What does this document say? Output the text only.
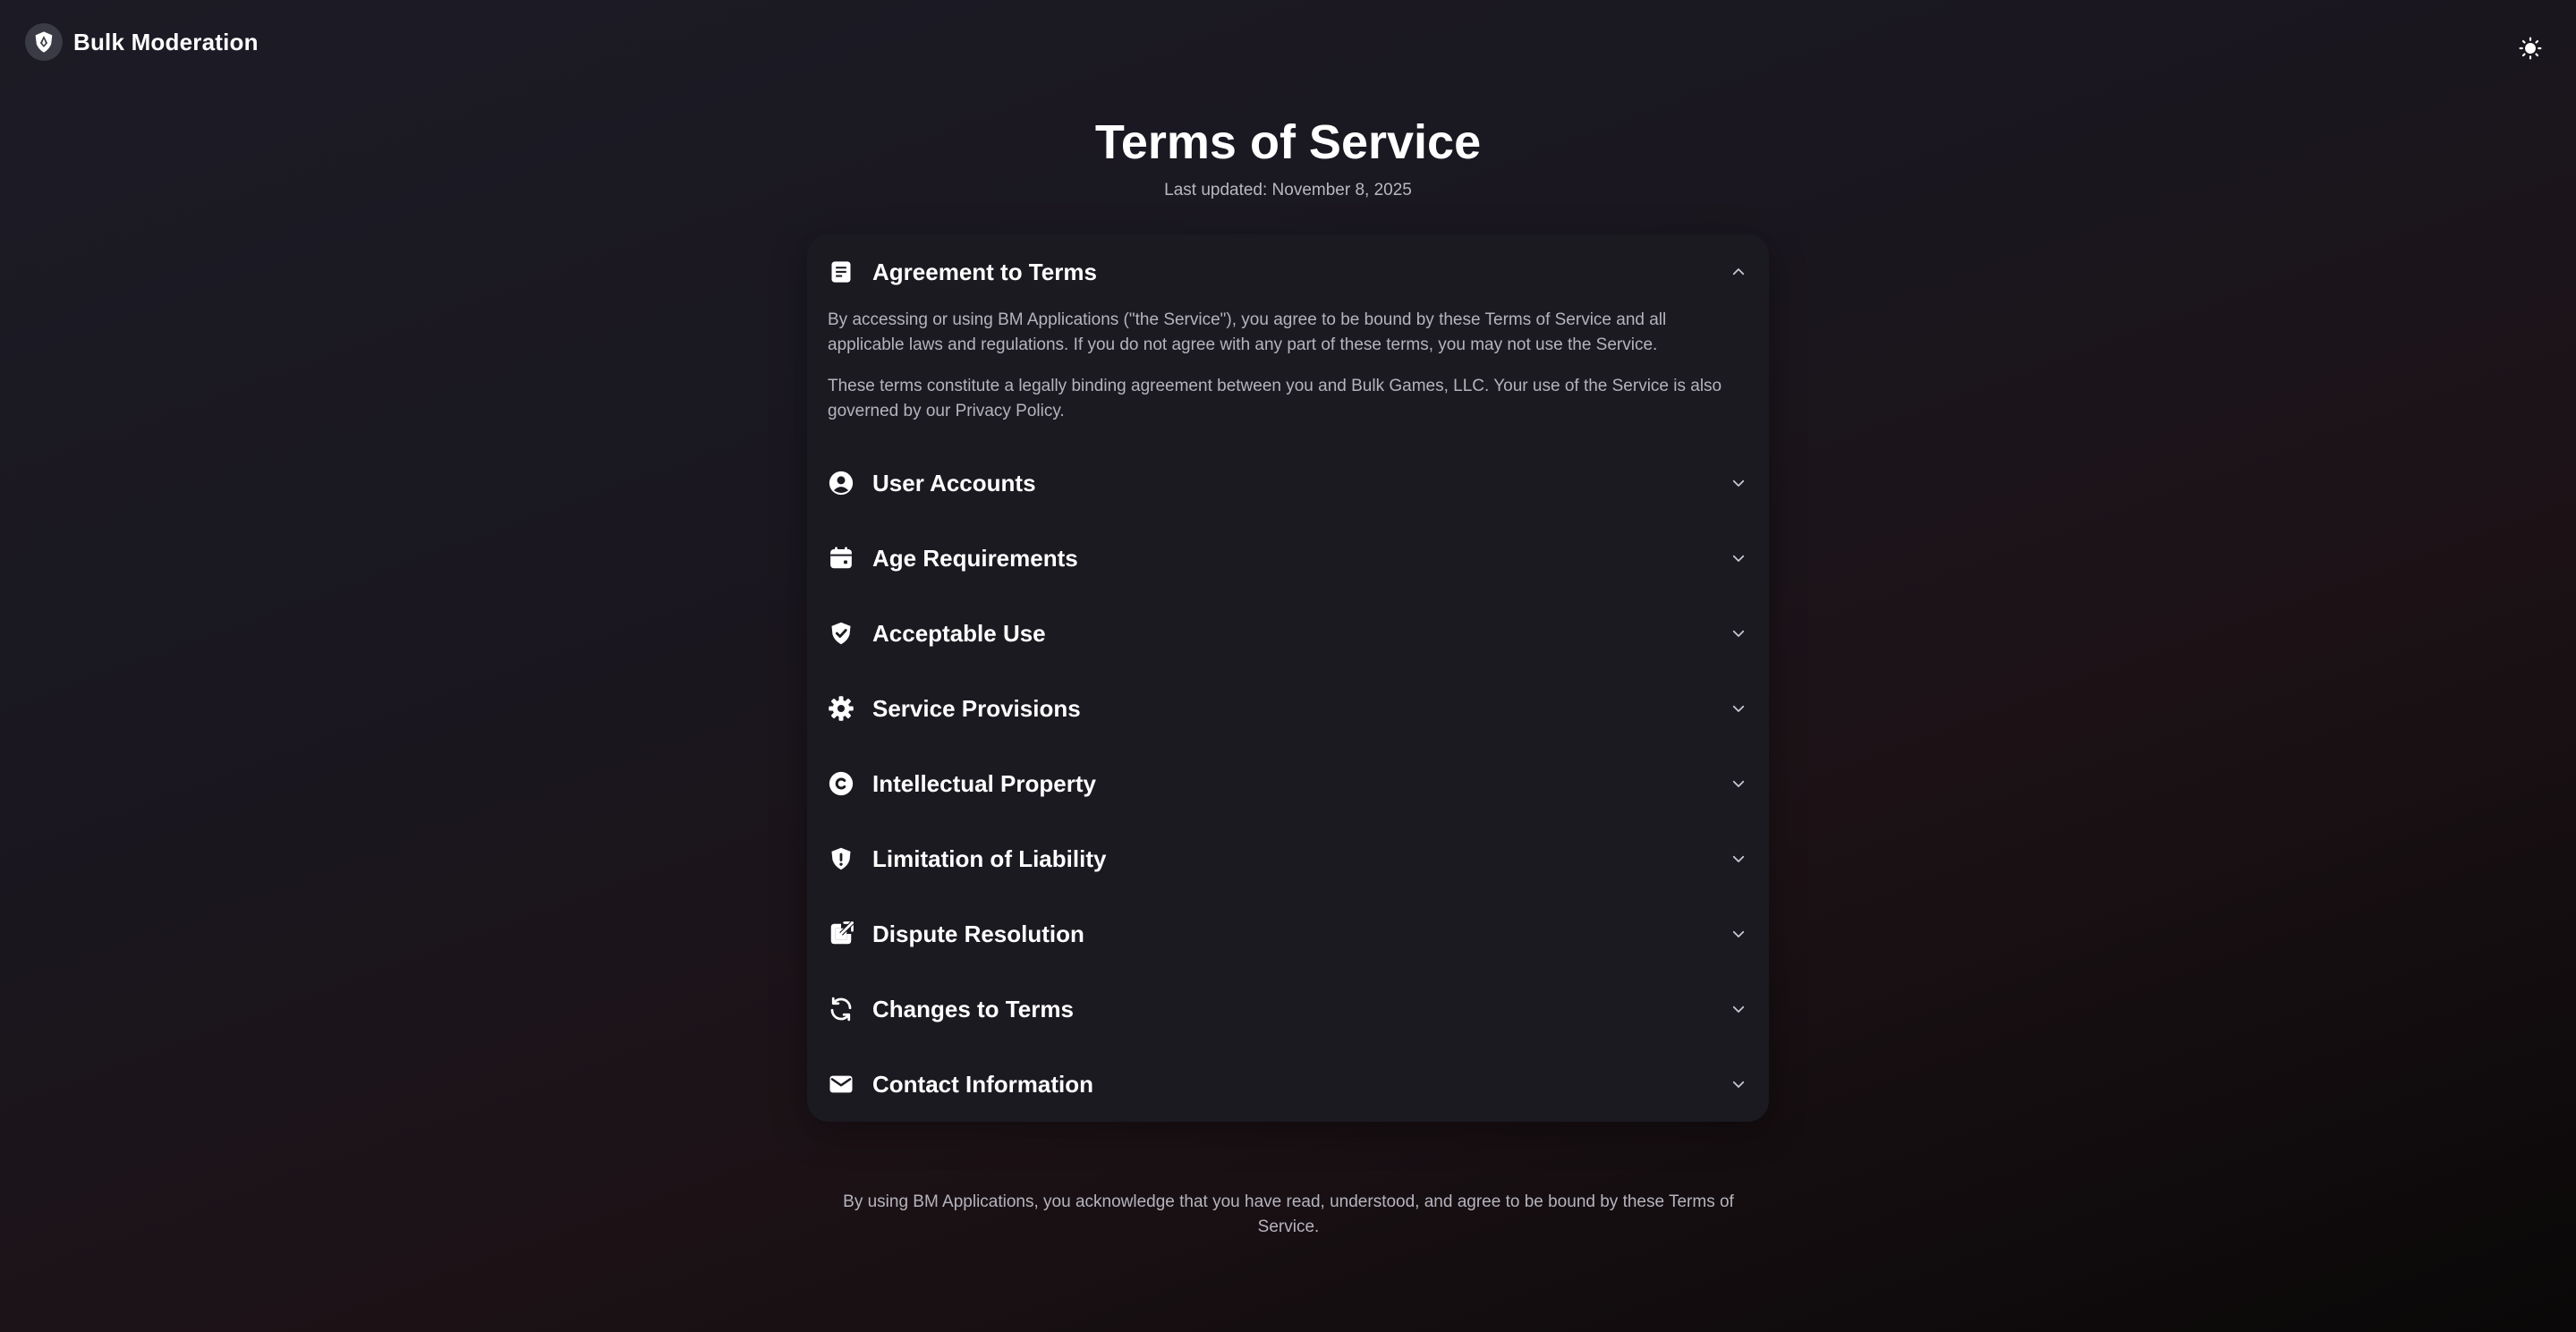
Bulk Moderation
Terms of Service
Last updated: November 8, 2025
Agreement to Terms

By accessing or using BM Applications ("the Service"), you agree to be bound by these Terms of Service and all applicable laws and regulations. If you do not agree with any part of these terms, you may not use the Service.

These terms constitute a legally binding agreement between you and Bulk Games, LLC. Your use of the Service is also governed by our Privacy Policy.

User Accounts
Age Requirements
Acceptable Use
Service Provisions
Intellectual Property
Limitation of Liability
Dispute Resolution
Changes to Terms
Contact Information
By using BM Applications, you acknowledge that you have read, understood, and agree to be bound by these Terms of Service.
